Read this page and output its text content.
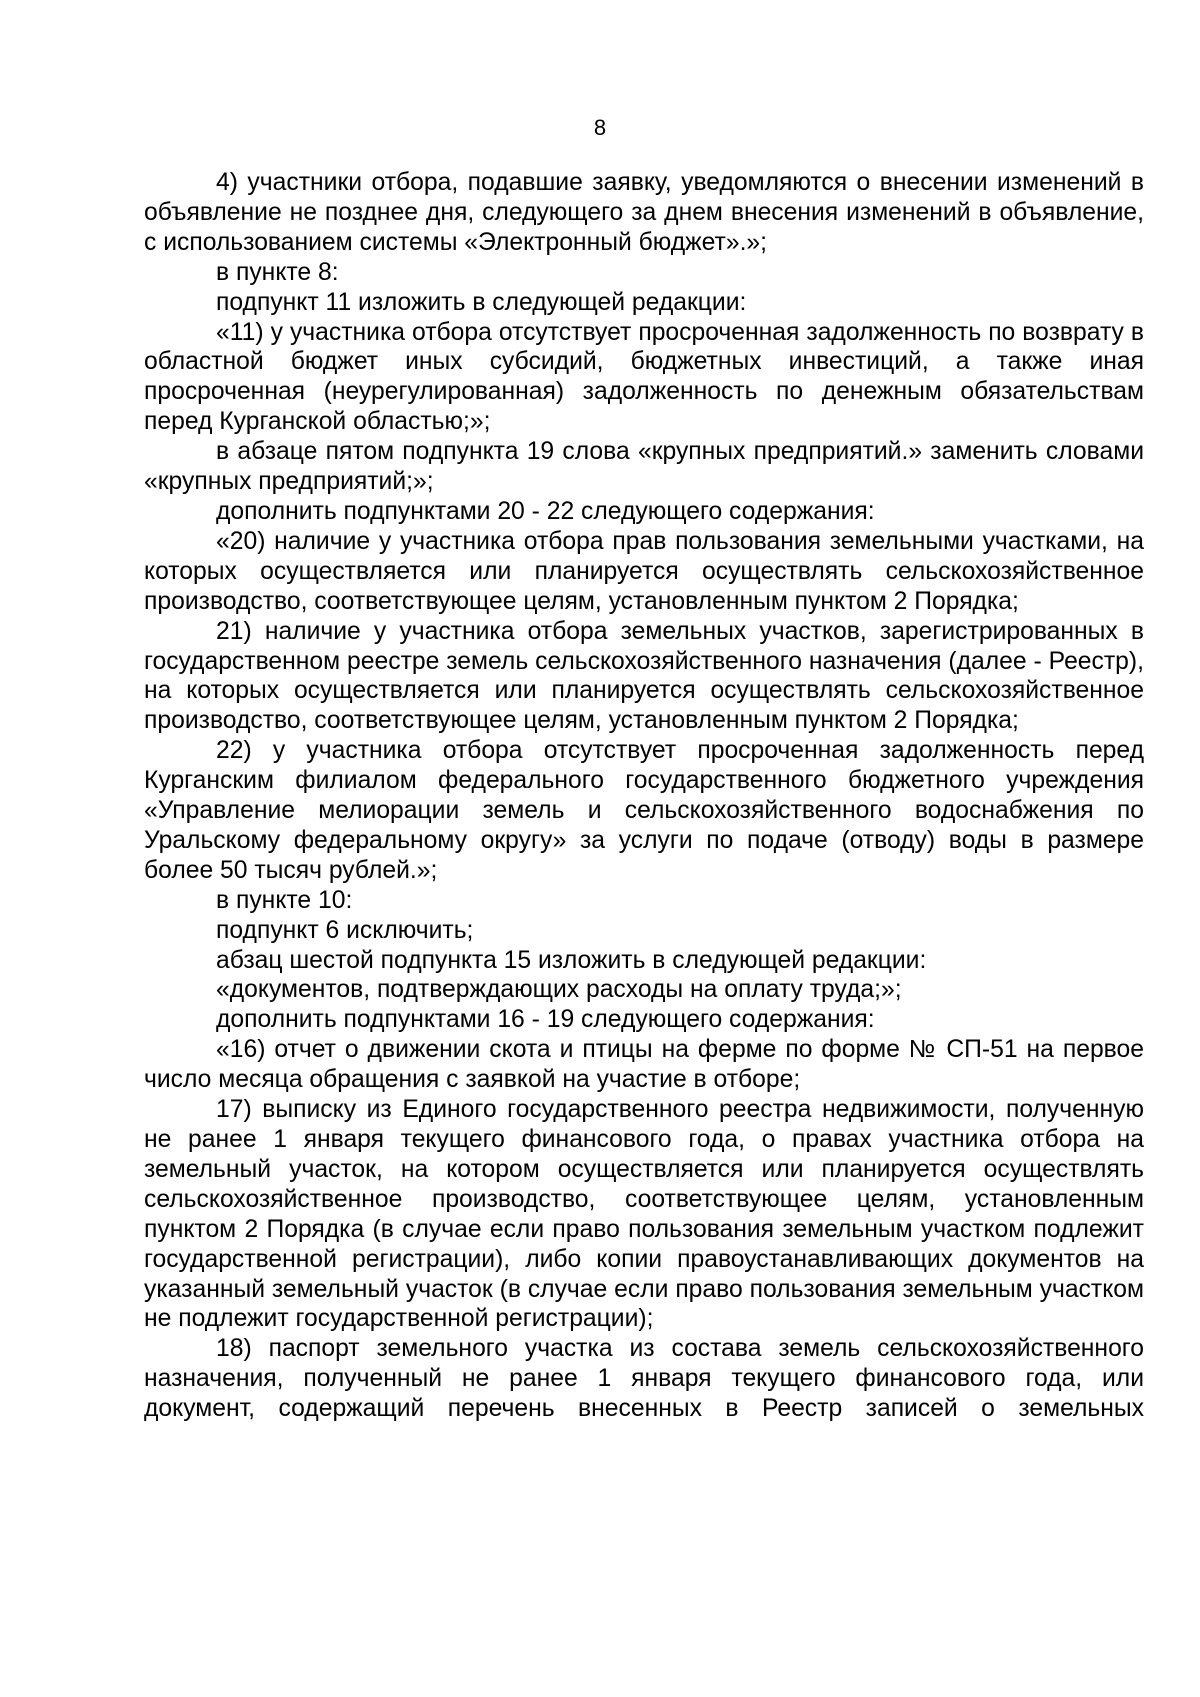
8

4) участники отбора, подавшие заявку, уведомляются о внесении изменений в объявление не позднее дня, следующего за днем внесения изменений в объявление, с использованием системы «Электронный бюджет».»;

в пункте 8:

подпункт 11 изложить в следующей редакции:

«11) у участника отбора отсутствует просроченная задолженность по возврату в областной бюджет иных субсидий, бюджетных инвестиций, а также иная просроченная (неурегулированная) задолженность по денежным обязательствам перед Курганской областью;»;

в абзаце пятом подпункта 19 слова «крупных предприятий.» заменить словами «крупных предприятий;»;

дополнить подпунктами 20 - 22 следующего содержания:

«20) наличие у участника отбора прав пользования земельными участками, на которых осуществляется или планируется осуществлять сельскохозяйственное производство, соответствующее целям, установленным пунктом 2 Порядка;

21) наличие у участника отбора земельных участков, зарегистрированных в государственном реестре земель сельскохозяйственного назначения (далее - Реестр), на которых осуществляется или планируется осуществлять сельскохозяйственное производство, соответствующее целям, установленным пунктом 2 Порядка;

22) у участника отбора отсутствует просроченная задолженность перед Курганским филиалом федерального государственного бюджетного учреждения «Управление мелиорации земель и сельскохозяйственного водоснабжения по Уральскому федеральному округу» за услуги по подаче (отводу) воды в размере более 50 тысяч рублей.»;

в пункте 10:

подпункт 6 исключить;

абзац шестой подпункта 15 изложить в следующей редакции:

«документов, подтверждающих расходы на оплату труда;»;

дополнить подпунктами 16 - 19 следующего содержания:

«16) отчет о движении скота и птицы на ферме по форме № СП-51 на первое число месяца обращения с заявкой на участие в отборе;

17) выписку из Единого государственного реестра недвижимости, полученную не ранее 1 января текущего финансового года, о правах участника отбора на земельный участок, на котором осуществляется или планируется осуществлять сельскохозяйственное производство, соответствующее целям, установленным пунктом 2 Порядка (в случае если право пользования земельным участком подлежит государственной регистрации), либо копии правоустанавливающих документов на указанный земельный участок (в случае если право пользования земельным участком не подлежит государственной регистрации);

18) паспорт земельного участка из состава земель сельскохозяйственного назначения, полученный не ранее 1 января текущего финансового года, или документ, содержащий перечень внесенных в Реестр записей о земельных
